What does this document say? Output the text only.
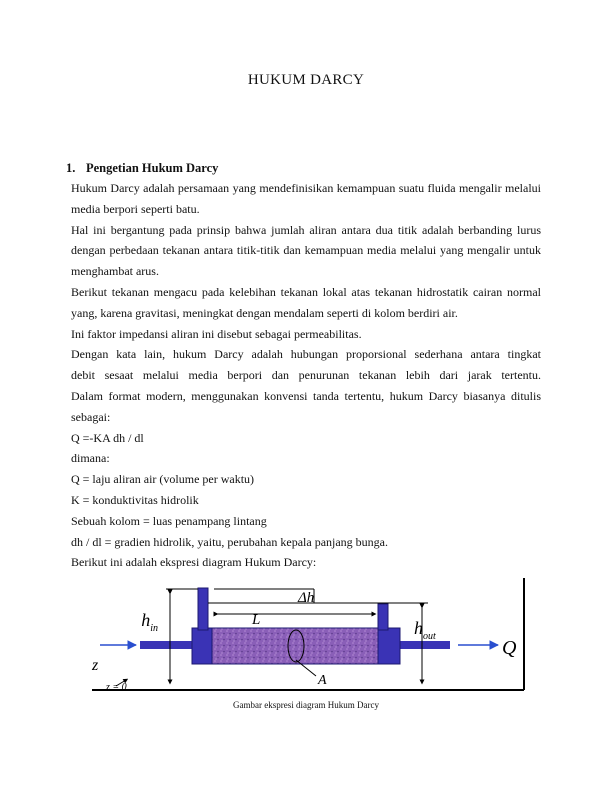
HUKUM DARCY
1. Pengetian Hukum Darcy

Hukum Darcy adalah persamaan yang mendefinisikan kemampuan suatu fluida mengalir melalui

media berpori seperti batu.

Hal ini bergantung pada prinsip bahwa jumlah aliran antara dua titik adalah berbanding lurus

dengan perbedaan tekanan antara titik-titik dan kemampuan media melalui yang mengalir untuk

menghambat arus.

Berikut tekanan mengacu pada kelebihan tekanan lokal atas tekanan hidrostatik cairan normal

yang, karena gravitasi, meningkat dengan mendalam seperti di kolom berdiri air.

Ini faktor impedansi aliran ini disebut sebagai permeabilitas.

Dengan kata lain, hukum Darcy adalah hubungan proporsional sederhana antara tingkat

debit sesaat melalui media berpori dan penurunan tekanan lebih dari jarak tertentu.

Dalam format modern, menggunakan konvensi tanda tertentu, hukum Darcy biasanya ditulis

sebagai:

Q =-KA dh / dl

dimana:

Q = laju aliran air (volume per waktu)

K = konduktivitas hidrolik

Sebuah kolom = luas penampang lintang

dh / dl = gradien hidrolik, yaitu, perubahan kepala panjang bunga.

Berikut ini adalah ekspresi diagram Hukum Darcy:

$h_{in}$	$h_{out}$
Δh
L
A
z
z = 0
Q
Gambar ekspresi diagram Hukum Darcy
